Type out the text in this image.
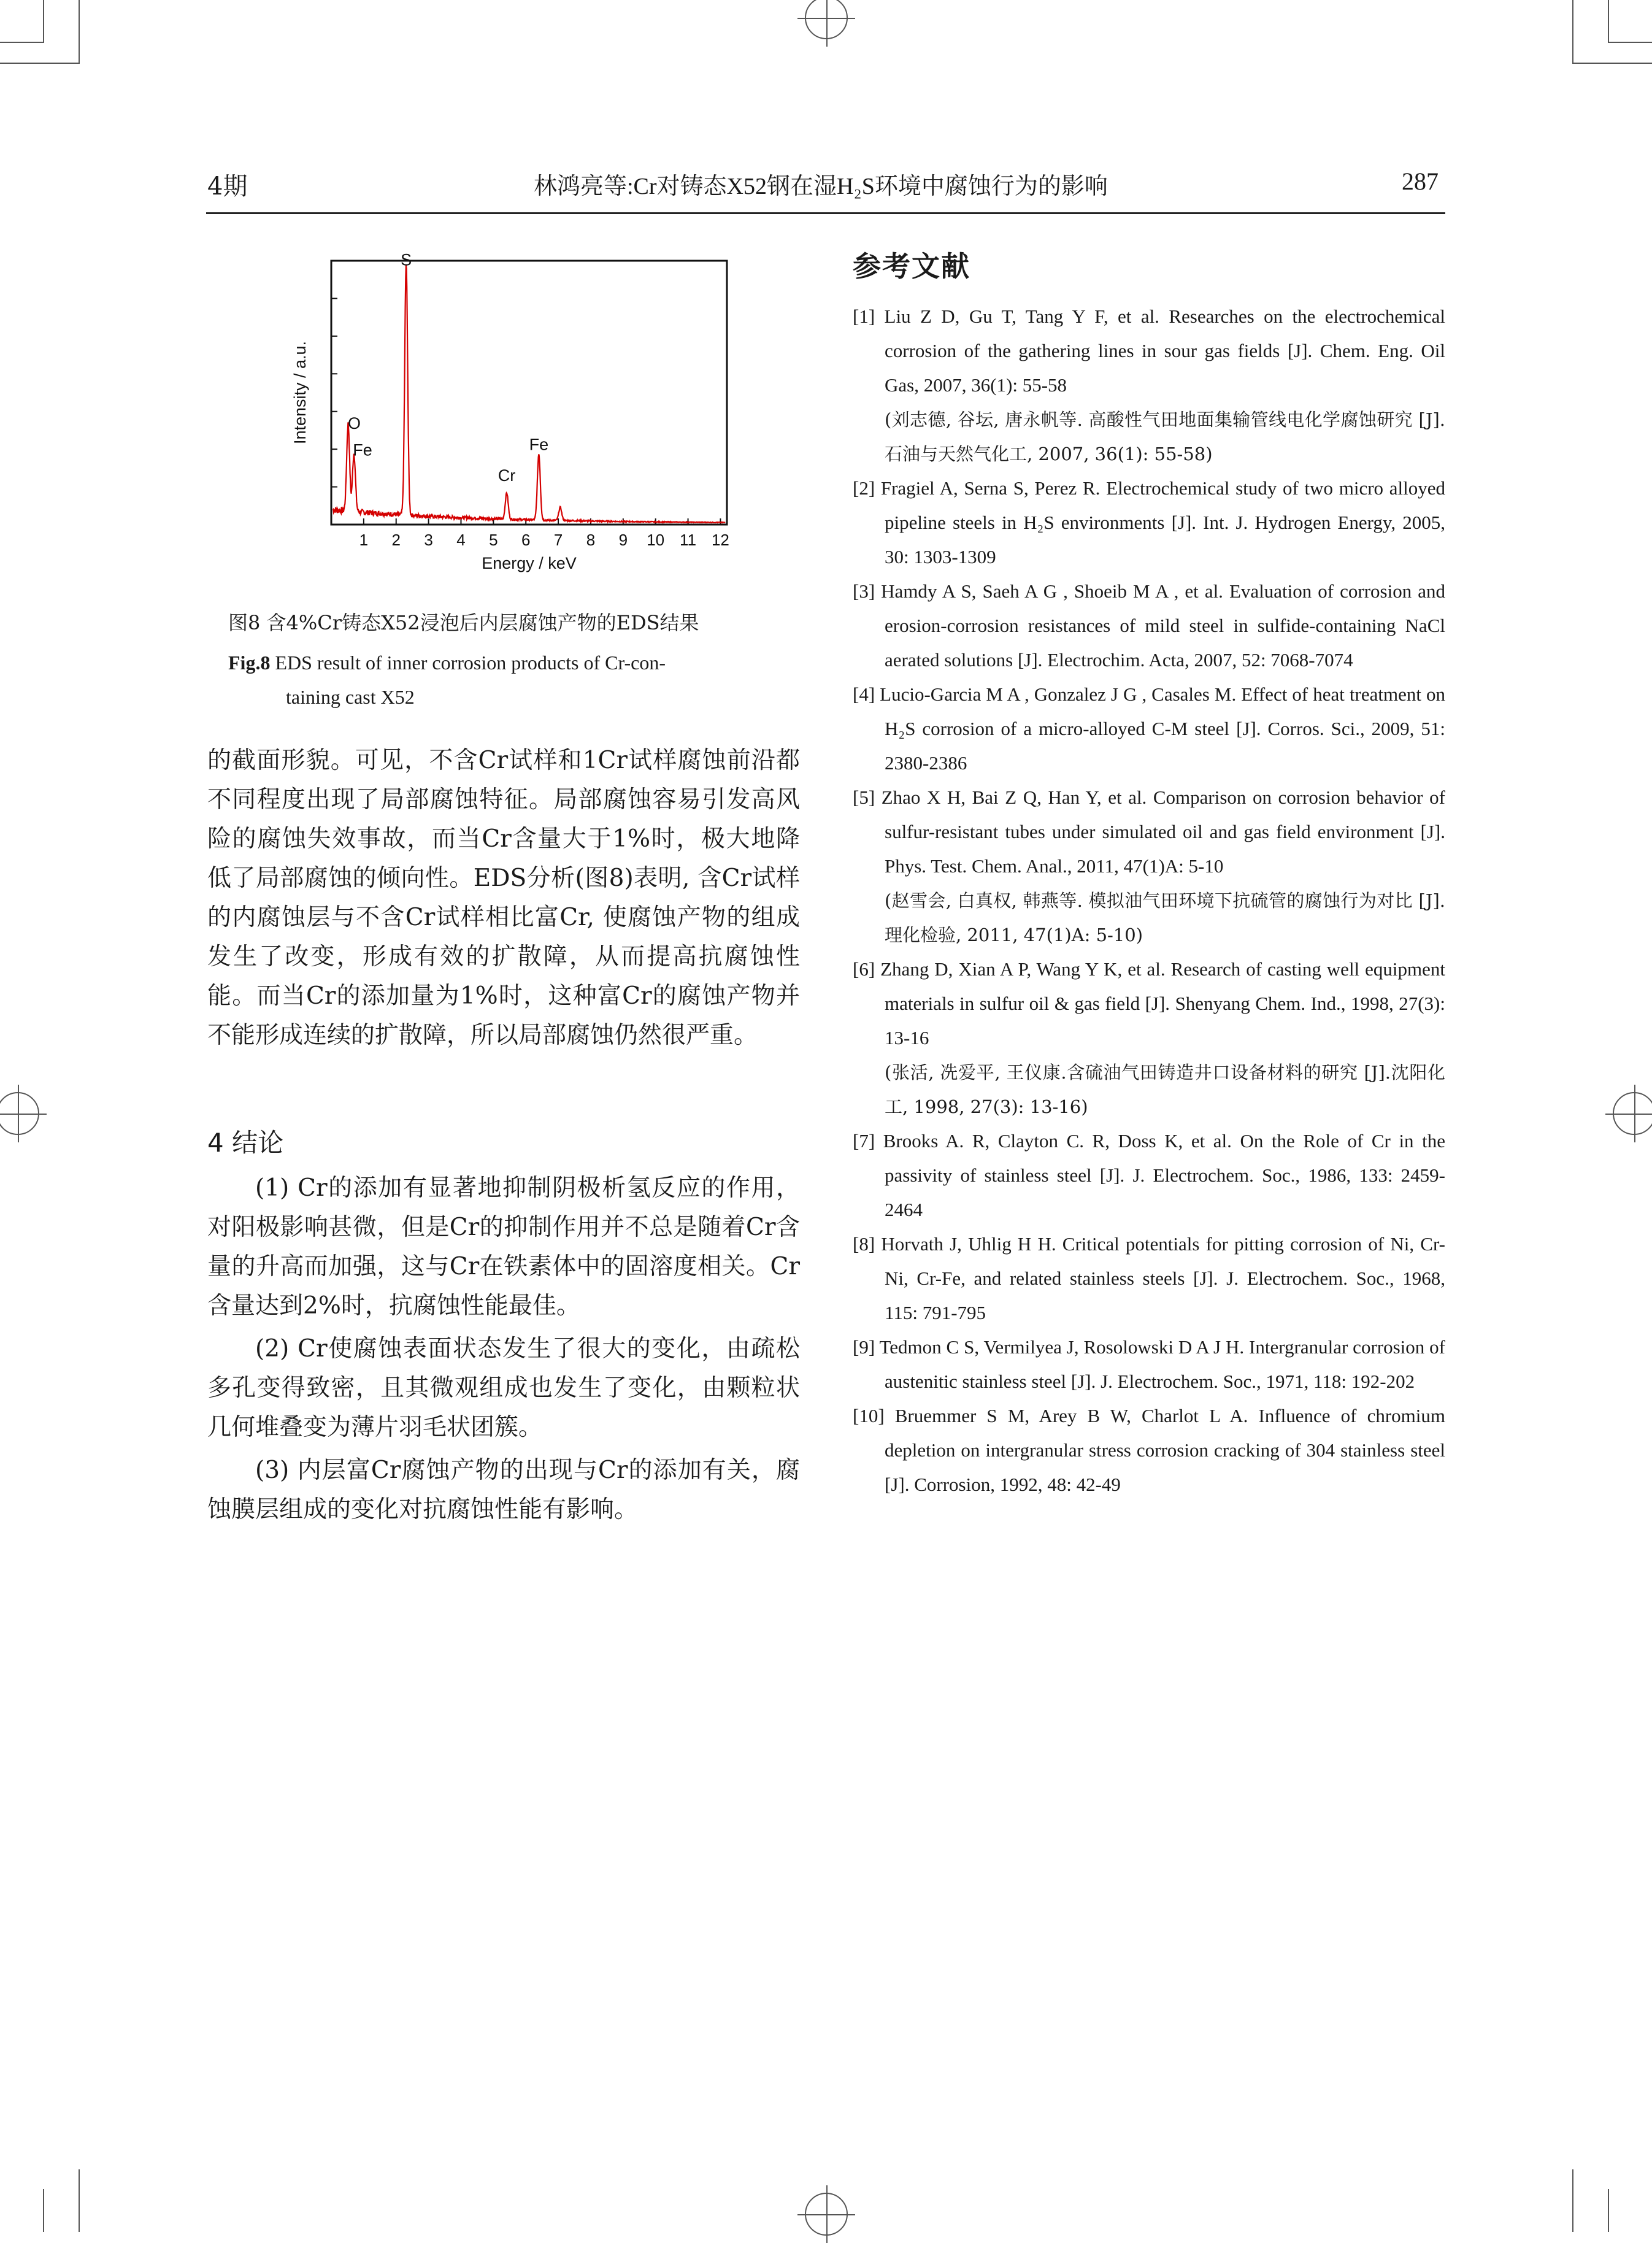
4期	林鸿亮等:Cr对铸态X52钢在湿H₂S环境中腐蚀行为的影响	287
1 2 3 4 5 6 7 8 9 10 11 12
Energy / keV
Intensity / a.u. O
Fe
S
Cr
Fe
图8 含4%Cr铸态X52浸泡后内层腐蚀产物的EDS结果
Fig.8 EDS result of inner corrosion products of Cr-con-
taining cast X52
的截面形貌。可见，不含Cr试样和1Cr试样腐蚀前沿都不同程度出现了局部腐蚀特征。局部腐蚀容易引发高风险的腐蚀失效事故，而当Cr含量大于1%时，极大地降低了局部腐蚀的倾向性。EDS分析(图8)表明, 含Cr试样的内腐蚀层与不含Cr试样相比富Cr, 使腐蚀产物的组成发生了改变，形成有效的扩散障，从而提高抗腐蚀性能。而当Cr的添加量为1%时，这种富Cr的腐蚀产物并不能形成连续的扩散障，所以局部腐蚀仍然很严重。
4 结论

(1) Cr的添加有显著地抑制阴极析氢反应的作用，对阳极影响甚微，但是Cr的抑制作用并不总是随着Cr含量的升高而加强，这与Cr在铁素体中的固溶度相关。Cr含量达到2%时，抗腐蚀性能最佳。

(2) Cr使腐蚀表面状态发生了很大的变化，由疏松多孔变得致密，且其微观组成也发生了变化，由颗粒状几何堆叠变为薄片羽毛状团簇。

(3) 内层富Cr腐蚀产物的出现与Cr的添加有关，腐蚀膜层组成的变化对抗腐蚀性能有影响。

参考文献

[1] Liu Z D, Gu T, Tang Y F, et al. Researches on the electrochemical corrosion of the gathering lines in sour gas fields [J]. Chem. Eng. Oil Gas, 2007, 36(1): 55-58
(刘志德, 谷坛, 唐永帆等. 高酸性气田地面集输管线电化学腐蚀研究 [J].石油与天然气化工, 2007, 36(1): 55-58)

[2] Fragiel A, Serna S, Perez R. Electrochemical study of two micro alloyed pipeline steels in H₂S environments [J]. Int. J. Hydrogen Energy, 2005, 30: 1303-1309

[3] Hamdy A S, Saeh A G , Shoeib M A , et al. Evaluation of corrosion and erosion-corrosion resistances of mild steel in sulfide-containing NaCl aerated solutions [J]. Electrochim. Acta, 2007, 52: 7068-7074

[4] Lucio-Garcia M A , Gonzalez J G , Casales M. Effect of heat treatment on H₂S corrosion of a micro-alloyed C-M steel [J]. Corros. Sci., 2009, 51: 2380-2386

[5] Zhao X H, Bai Z Q, Han Y, et al. Comparison on corrosion behavior of sulfur-resistant tubes under simulated oil and gas field environment [J]. Phys. Test. Chem. Anal., 2011, 47(1)A: 5-10
(赵雪会, 白真权, 韩燕等. 模拟油气田环境下抗硫管的腐蚀行为对比 [J]. 理化检验, 2011, 47(1)A: 5-10)

[6] Zhang D, Xian A P, Wang Y K, et al. Research of casting well equipment materials in sulfur oil & gas field [J]. Shenyang Chem. Ind., 1998, 27(3): 13-16
(张活, 冼爱平, 王仪康.含硫油气田铸造井口设备材料的研究 [J].沈阳化工, 1998, 27(3): 13-16)

[7] Brooks A. R, Clayton C. R, Doss K, et al. On the Role of Cr in the passivity of stainless steel [J]. J. Electrochem. Soc., 1986, 133: 2459-2464

[8] Horvath J, Uhlig H H. Critical potentials for pitting corrosion of Ni, Cr-Ni, Cr-Fe, and related stainless steels [J]. J. Electrochem. Soc., 1968, 115: 791-795

[9] Tedmon C S, Vermilyea J, Rosolowski D A J H. Intergranular corrosion of austenitic stainless steel [J]. J. Electrochem. Soc., 1971, 118: 192-202

[10] Bruemmer S M, Arey B W, Charlot L A. Influence of chromium depletion on intergranular stress corrosion cracking of 304 stainless steel [J]. Corrosion, 1992, 48: 42-49
